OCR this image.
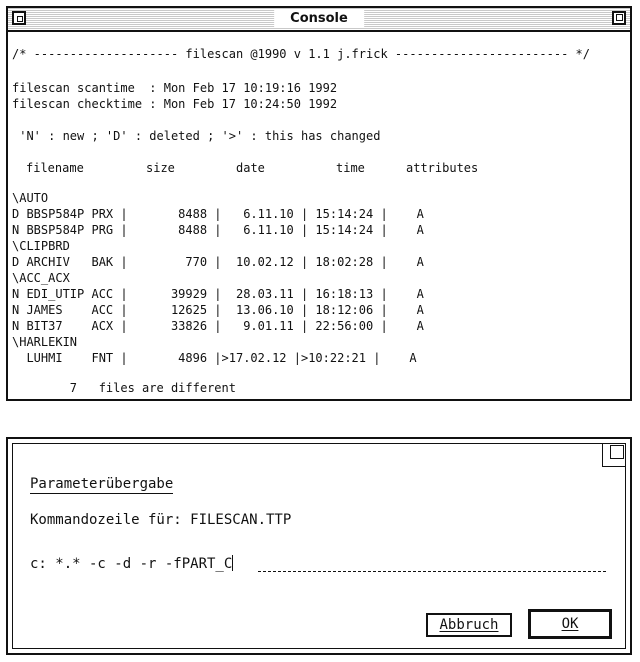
Console

/* -------------------- filescan @1990 v 1.1 j.frick ------------------------ */

filescan scantime  : Mon Feb 17 10:19:16 1992

filescan checktime : Mon Feb 17 10:24:50 1992

'N' : new ; 'D' : deleted ; '>' : this has changed

filename	size	date	time	attributes

\AUTO

D BBSP584P PRX |       8488 |   6.11.10 | 15:14:24 |    A

N BBSP584P PRG |       8488 |   6.11.10 | 15:14:24 |    A

\CLIPBRD

D ARCHIV   BAK |        770 |  10.02.12 | 18:02:28 |    A

\ACC_ACX

N EDI_UTIP ACC |      39929 |  28.03.11 | 16:18:13 |    A

N JAMES    ACC |      12625 |  13.06.10 | 18:12:06 |    A

N BIT37    ACX |      33826 |   9.01.11 | 22:56:00 |    A

\HARLEKIN

LUHMI    FNT |       4896 |>17.02.12 |>10:22:21 |    A

7   files are different

Parameterübergabe
Kommandozeile für: FILESCAN.TTP
c: *.* -c -d -r -fPART_C
Abbruch	OK
